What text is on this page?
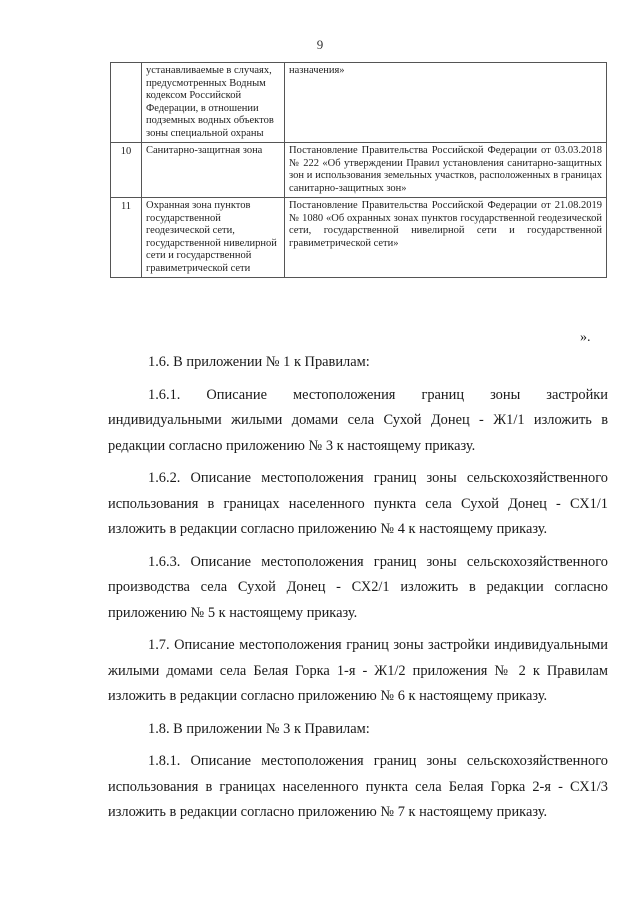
9
	устанавливаемые в случаях, предусмотренных Водным кодексом Российской Федерации, в отношении подземных водных объектов зоны специальной охраны	назначения»
10	Санитарно-защитная зона	Постановление Правительства Российской Федерации от 03.03.2018 № 222 «Об утверждении Правил установления санитарно-защитных зон и использования земельных участков, расположенных в границах санитарно-защитных зон»
11	Охранная зона пунктов государственной геодезической сети, государственной нивелирной сети и государственной гравиметрической сети	Постановление Правительства Российской Федерации от 21.08.2019 № 1080 «Об охранных зонах пунктов государственной геодезической сети, государственной нивелирной сети и государственной гравиметрической сети»
».

1.6. В приложении № 1 к Правилам:

1.6.1. Описание местоположения границ зоны застройки индивидуальными жилыми домами села Сухой Донец - Ж1/1 изложить в редакции согласно приложению № 3 к настоящему приказу.

1.6.2. Описание местоположения границ зоны сельскохозяйственного использования в границах населенного пункта села Сухой Донец - СХ1/1 изложить в редакции согласно приложению № 4 к настоящему приказу.

1.6.3. Описание местоположения границ зоны сельскохозяйственного производства села Сухой Донец - СХ2/1 изложить в редакции согласно приложению № 5 к настоящему приказу.

1.7. Описание местоположения границ зоны застройки индивидуальными жилыми домами села Белая Горка 1-я - Ж1/2 приложения № 2 к Правилам изложить в редакции согласно приложению № 6 к настоящему приказу.

1.8. В приложении № 3 к Правилам:

1.8.1. Описание местоположения границ зоны сельскохозяйственного использования в границах населенного пункта села Белая Горка 2-я - СХ1/3 изложить в редакции согласно приложению № 7 к настоящему приказу.
